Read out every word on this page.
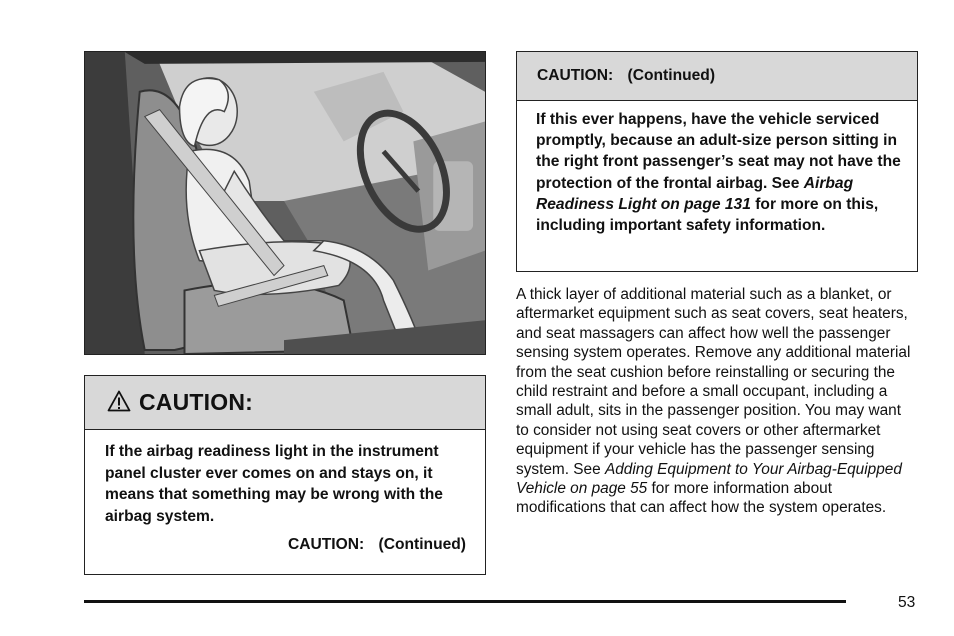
CAUTION:
If the airbag readiness light in the instrument panel cluster ever comes on and stays on, it means that something may be wrong with the airbag system.
CAUTION: (Continued)
CAUTION: (Continued)
If this ever happens, have the vehicle serviced promptly, because an adult-size person sitting in the right front passenger’s seat may not have the protection of the frontal airbag. See Airbag Readiness Light on page 131 for more on this, including important safety information.
A thick layer of additional material such as a blanket, or aftermarket equipment such as seat covers, seat heaters, and seat massagers can affect how well the passenger sensing system operates. Remove any additional material from the seat cushion before reinstalling or securing the child restraint and before a small occupant, including a small adult, sits in the passenger position. You may want to consider not using seat covers or other aftermarket equipment if your vehicle has the passenger sensing system. See Adding Equipment to Your Airbag-Equipped Vehicle on page 55 for more information about modifications that can affect how the system operates.
53
